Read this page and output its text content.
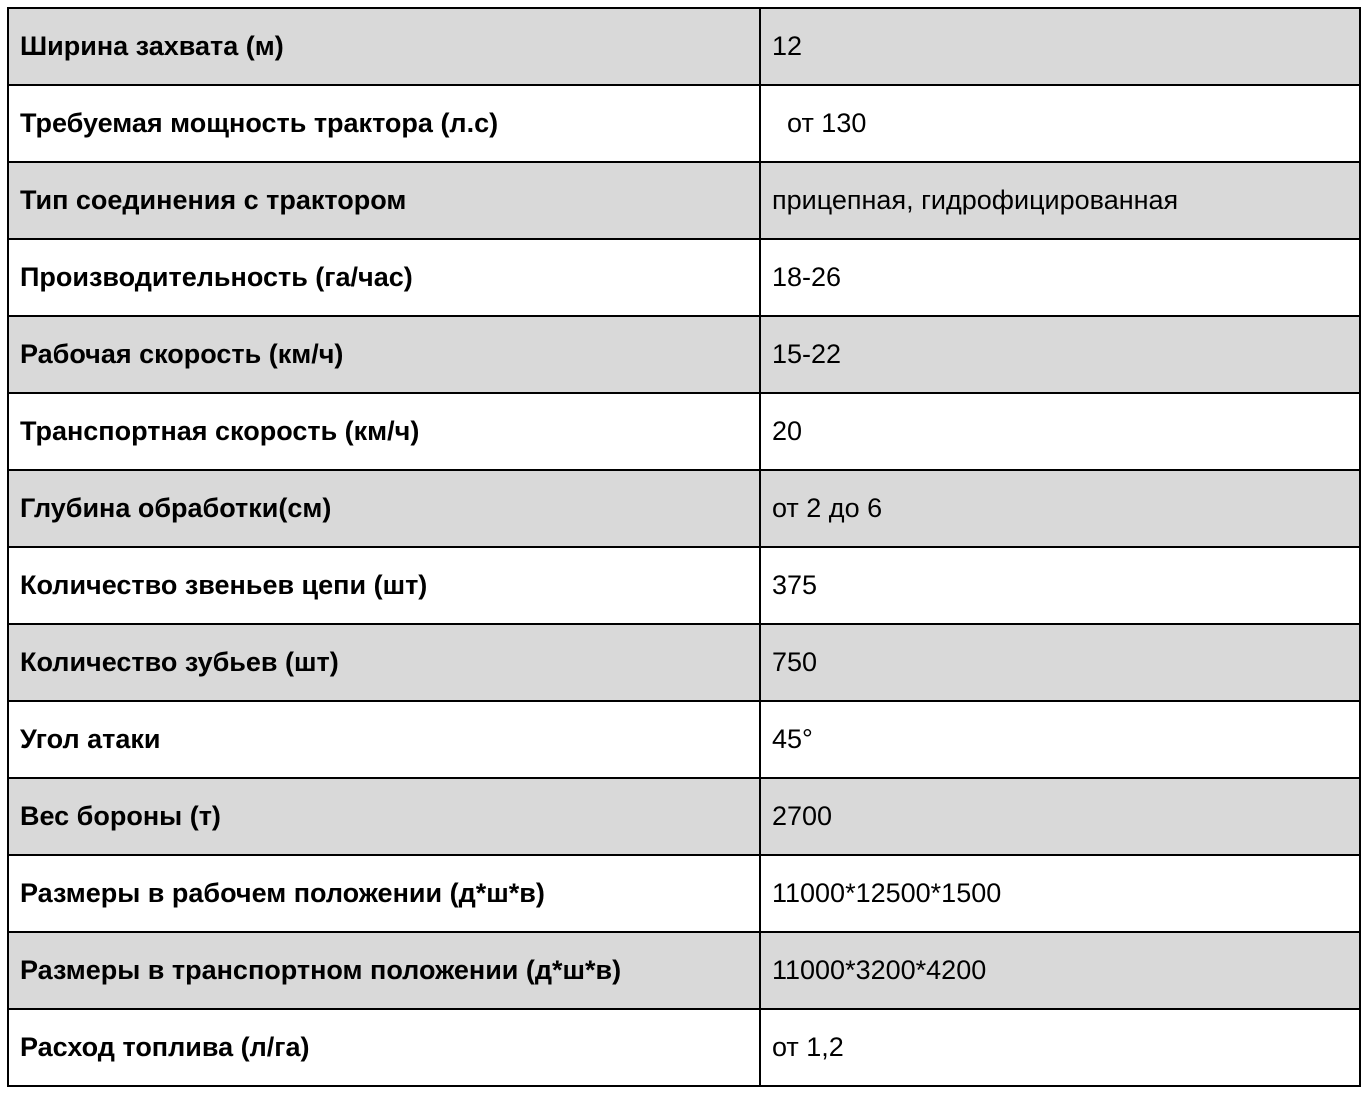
Ширина захвата (м)	12
Требуемая мощность трактора (л.с)	от 130
Тип соединения с трактором	прицепная, гидрофицированная
Производительность (га/час)	18-26
Рабочая скорость (км/ч)	15-22
Транспортная скорость (км/ч)	20
Глубина обработки(см)	от 2 до 6
Количество звеньев цепи (шт)	375
Количество зубьев (шт)	750
Угол атаки	45°
Вес бороны (т)	2700
Размеры в рабочем положении (д*ш*в)	11000*12500*1500
Размеры в транспортном положении (д*ш*в)	11000*3200*4200
Расход топлива (л/га)	от 1,2
